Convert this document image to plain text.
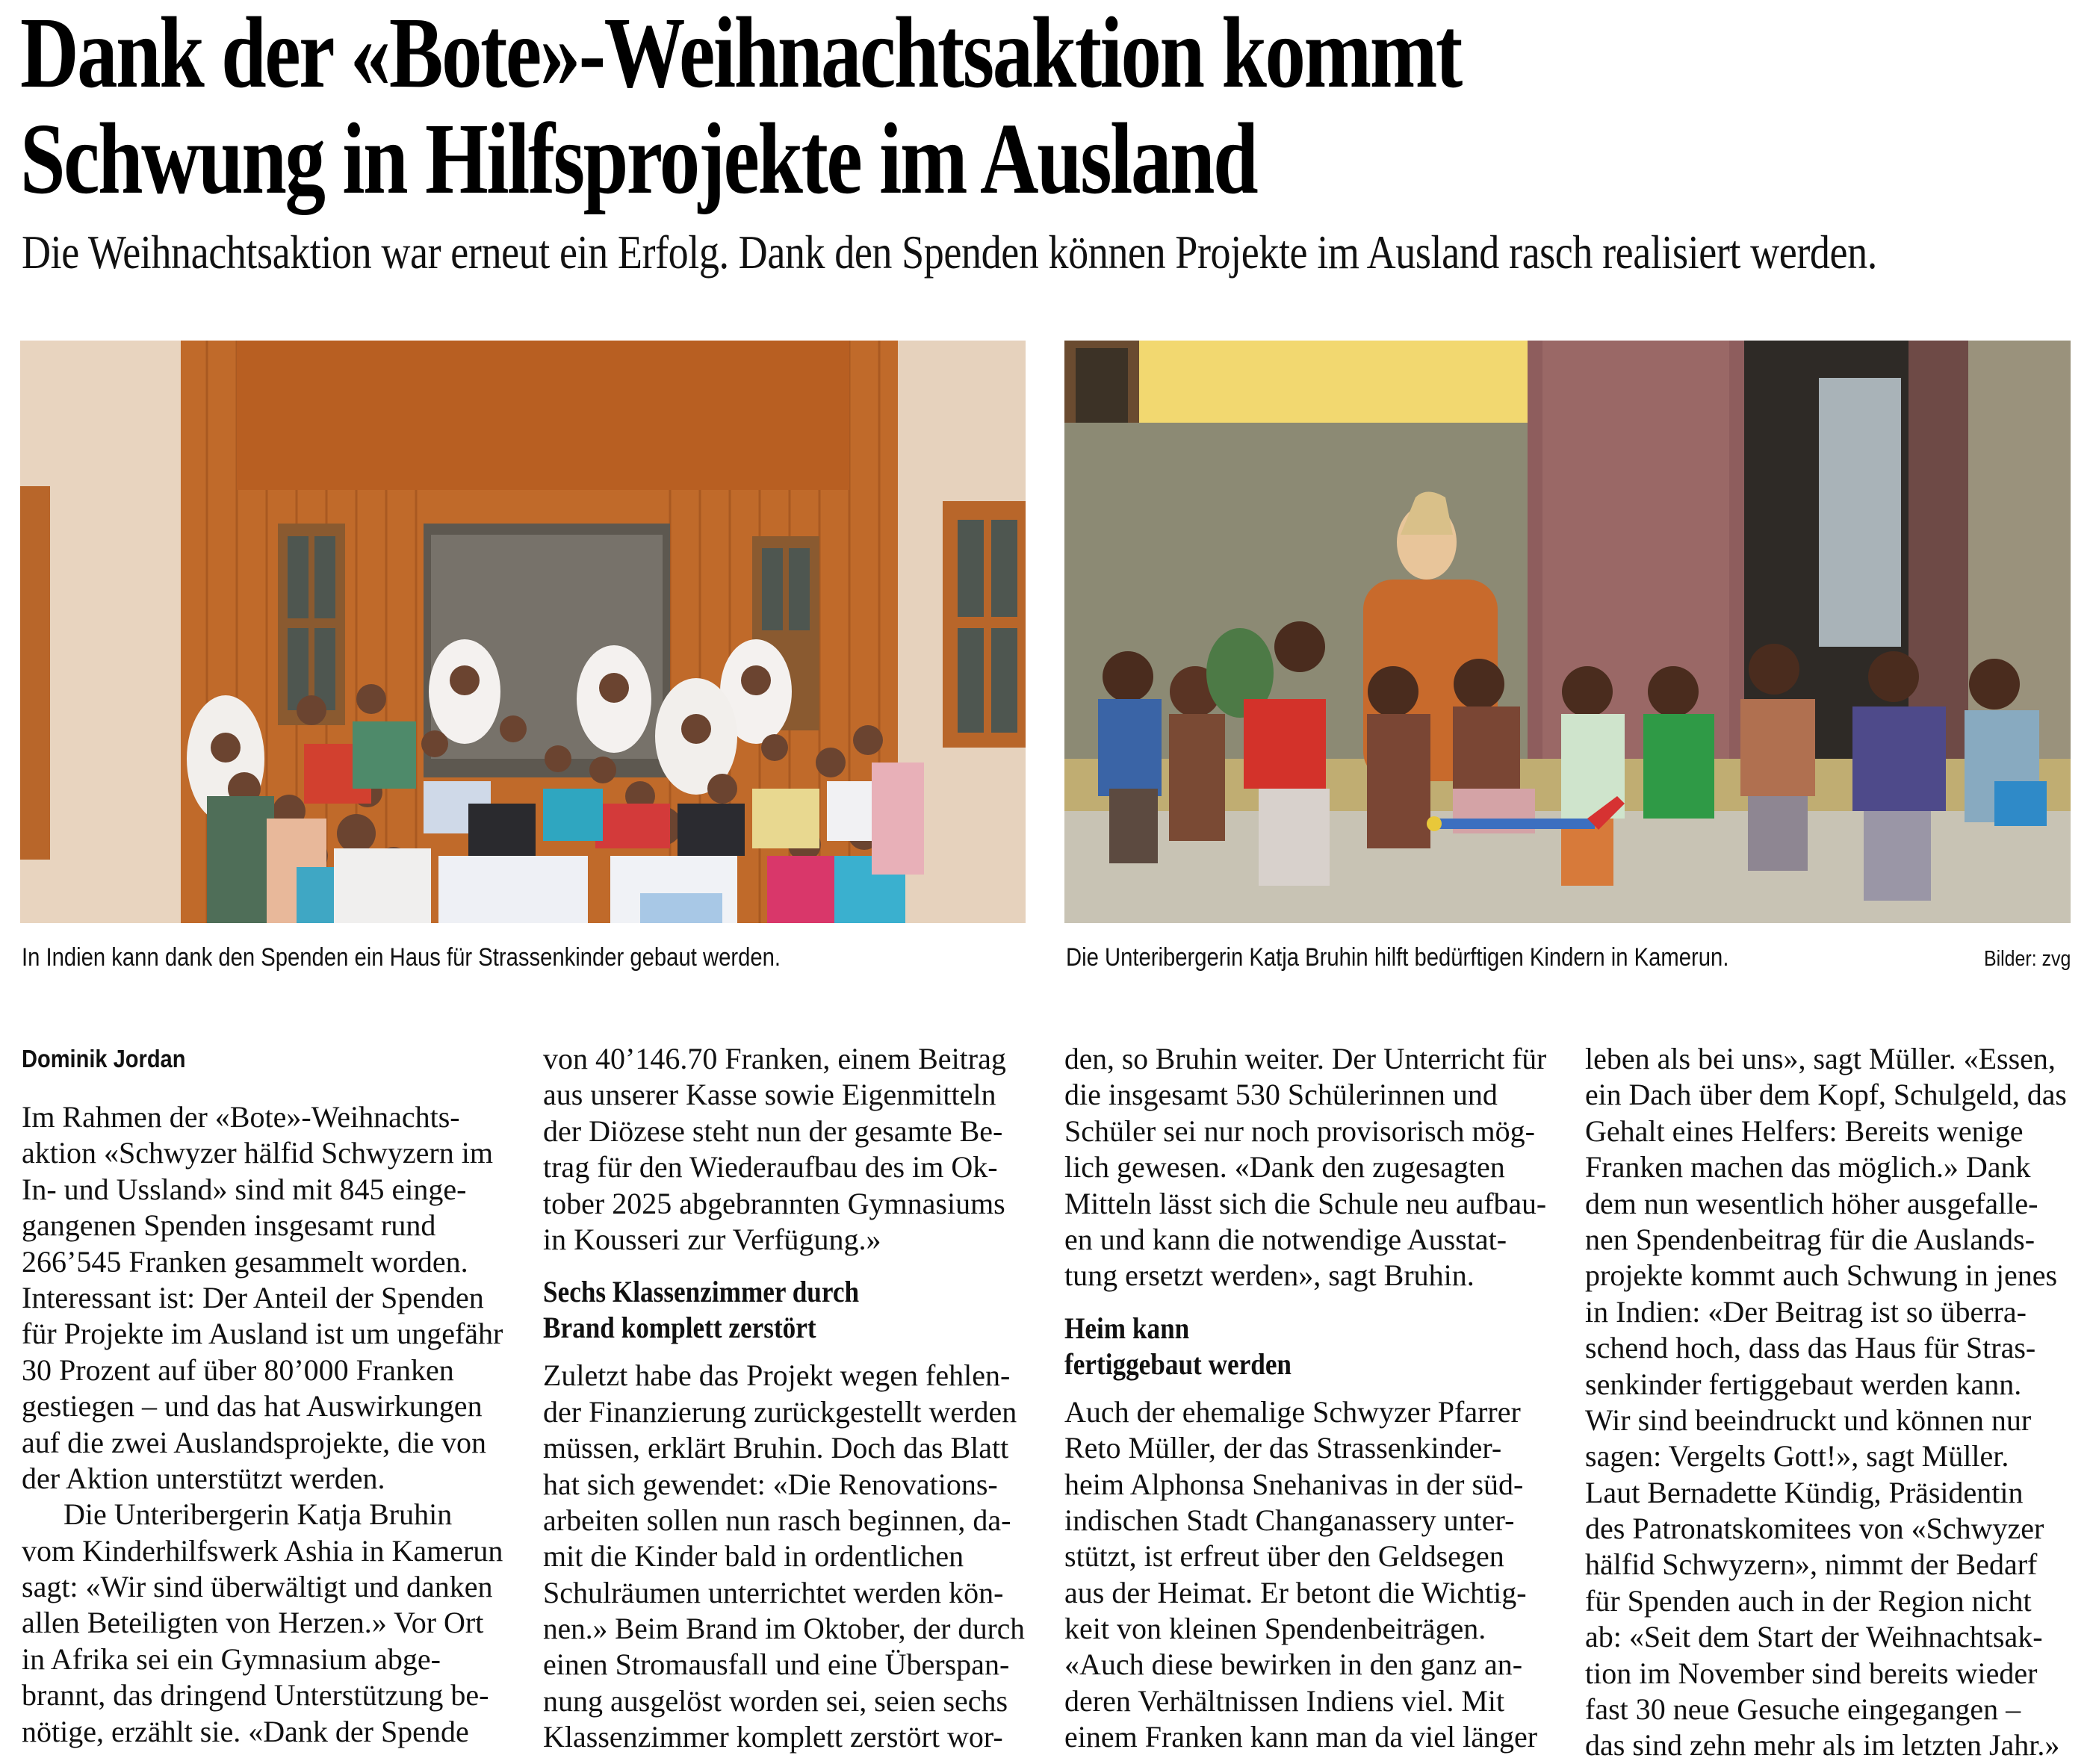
Dank der «Bote»-Weihnachtsaktion kommt
Schwung in Hilfsprojekte im Ausland
Die Weihnachtsaktion war erneut ein Erfolg. Dank den Spenden können Projekte im Ausland rasch realisiert werden.
In Indien kann dank den Spenden ein Haus für Strassenkinder gebaut werden.	Die Unteribergerin Katja Bruhin hilft bedürftigen Kindern in Kamerun.	Bilder: zvg
Dominik Jordan
Im Rahmen der «Bote»-Weihnachts-
aktion «Schwyzer hälfid Schwyzern im
In- und Ussland» sind mit 845 einge-
gangenen Spenden insgesamt rund
266’545 Franken gesammelt worden.
Interessant ist: Der Anteil der Spenden
für Projekte im Ausland ist um ungefähr
30 Prozent auf über 80’000 Franken
gestiegen – und das hat Auswirkungen
auf die zwei Auslandsprojekte, die von
der Aktion unterstützt werden.
Die Unteribergerin Katja Bruhin
vom Kinderhilfswerk Ashia in Kamerun
sagt: «Wir sind überwältigt und danken
allen Beteiligten von Herzen.» Vor Ort
in Afrika sei ein Gymnasium abge-
brannt, das dringend Unterstützung be-
nötige, erzählt sie. «Dank der Spende
von 40’146.70 Franken, einem Beitrag
aus unserer Kasse sowie Eigenmitteln
der Diözese steht nun der gesamte Be-
trag für den Wiederaufbau des im Ok-
tober 2025 abgebrannten Gymnasiums
in Kousseri zur Verfügung.»
Sechs Klassenzimmer durch
Brand komplett zerstört
Zuletzt habe das Projekt wegen fehlen-
der Finanzierung zurückgestellt werden
müssen, erklärt Bruhin. Doch das Blatt
hat sich gewendet: «Die Renovations-
arbeiten sollen nun rasch beginnen, da-
mit die Kinder bald in ordentlichen
Schulräumen unterrichtet werden kön-
nen.» Beim Brand im Oktober, der durch
einen Stromausfall und eine Überspan-
nung ausgelöst worden sei, seien sechs
Klassenzimmer komplett zerstört wor-
den, so Bruhin weiter. Der Unterricht für
die insgesamt 530 Schülerinnen und
Schüler sei nur noch provisorisch mög-
lich gewesen. «Dank den zugesagten
Mitteln lässt sich die Schule neu aufbau-
en und kann die notwendige Ausstat-
tung ersetzt werden», sagt Bruhin.
Heim kann
fertiggebaut werden
Auch der ehemalige Schwyzer Pfarrer
Reto Müller, der das Strassenkinder-
heim Alphonsa Snehanivas in der süd-
indischen Stadt Changanassery unter-
stützt, ist erfreut über den Geldsegen
aus der Heimat. Er betont die Wichtig-
keit von kleinen Spendenbeiträgen.
«Auch diese bewirken in den ganz an-
deren Verhältnissen Indiens viel. Mit
einem Franken kann man da viel länger
leben als bei uns», sagt Müller. «Essen,
ein Dach über dem Kopf, Schulgeld, das
Gehalt eines Helfers: Bereits wenige
Franken machen das möglich.» Dank
dem nun wesentlich höher ausgefalle-
nen Spendenbeitrag für die Auslands-
projekte kommt auch Schwung in jenes
in Indien: «Der Beitrag ist so überra-
schend hoch, dass das Haus für Stras-
senkinder fertiggebaut werden kann.
Wir sind beeindruckt und können nur
sagen: Vergelts Gott!», sagt Müller.
Laut Bernadette Kündig, Präsidentin
des Patronatskomitees von «Schwyzer
hälfid Schwyzern», nimmt der Bedarf
für Spenden auch in der Region nicht
ab: «Seit dem Start der Weihnachtsak-
tion im November sind bereits wieder
fast 30 neue Gesuche eingegangen –
das sind zehn mehr als im letzten Jahr.»
